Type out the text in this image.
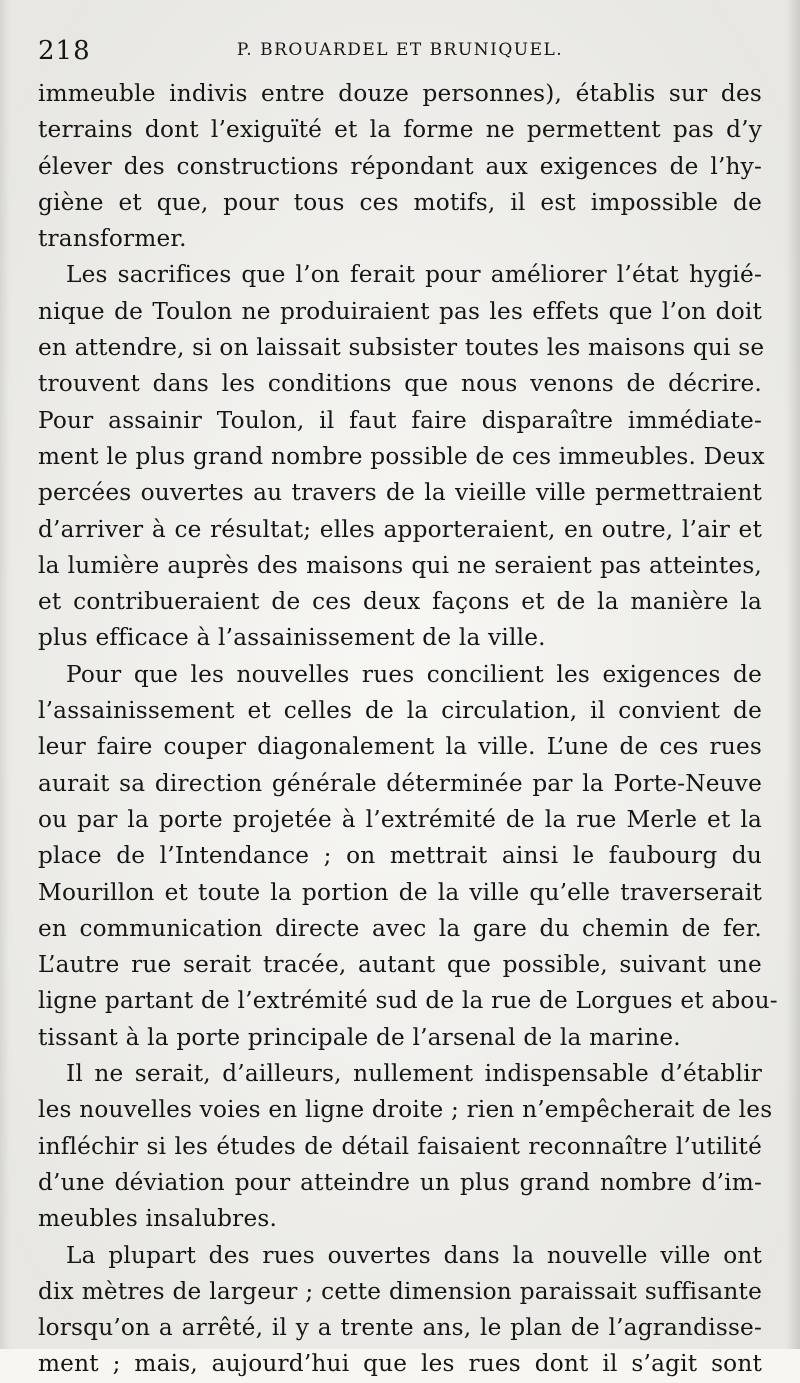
218	P. BROUARDEL ET BRUNIQUEL.
immeuble indivis entre douze personnes), établis sur des
terrains dont l’exiguïté et la forme ne permettent pas d’y
élever des constructions répondant aux exigences de l’hy-
giène et que, pour tous ces motifs, il est impossible de
transformer.
Les sacrifices que l’on ferait pour améliorer l’état hygié-
nique de Toulon ne produiraient pas les effets que l’on doit
en attendre, si on laissait subsister toutes les maisons qui se
trouvent dans les conditions que nous venons de décrire.
Pour assainir Toulon, il faut faire disparaître immédiate-
ment le plus grand nombre possible de ces immeubles. Deux
percées ouvertes au travers de la vieille ville permettraient
d’arriver à ce résultat; elles apporteraient, en outre, l’air et
la lumière auprès des maisons qui ne seraient pas atteintes,
et contribueraient de ces deux façons et de la manière la
plus efficace à l’assainissement de la ville.
Pour que les nouvelles rues concilient les exigences de
l’assainissement et celles de la circulation, il convient de
leur faire couper diagonalement la ville. L’une de ces rues
aurait sa direction générale déterminée par la Porte-Neuve
ou par la porte projetée à l’extrémité de la rue Merle et la
place de l’Intendance ; on mettrait ainsi le faubourg du
Mourillon et toute la portion de la ville qu’elle traverserait
en communication directe avec la gare du chemin de fer.
L’autre rue serait tracée, autant que possible, suivant une
ligne partant de l’extrémité sud de la rue de Lorgues et abou-
tissant à la porte principale de l’arsenal de la marine.
Il ne serait, d’ailleurs, nullement indispensable d’établir
les nouvelles voies en ligne droite ; rien n’empêcherait de les
infléchir si les études de détail faisaient reconnaître l’utilité
d’une déviation pour atteindre un plus grand nombre d’im-
meubles insalubres.
La plupart des rues ouvertes dans la nouvelle ville ont
dix mètres de largeur ; cette dimension paraissait suffisante
lorsqu’on a arrêté, il y a trente ans, le plan de l’agrandisse-
ment ; mais, aujourd’hui que les rues dont il s’agit sont
